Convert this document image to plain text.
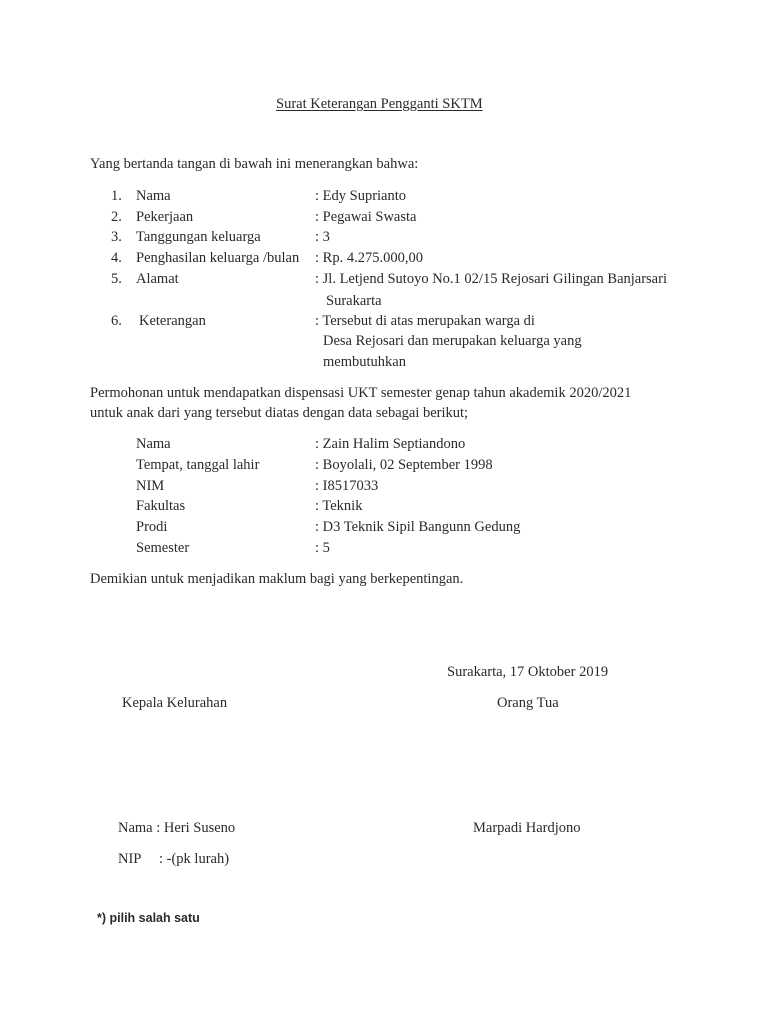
Surat Keterangan Pengganti SKTM
Yang bertanda tangan di bawah ini menerangkan bahwa:
1. Nama	: Edy Suprianto
2. Pekerjaan	: Pegawai Swasta
3. Tanggungan keluarga	: 3
4. Penghasilan keluarga /bulan : Rp. 4.275.000,00
5. Alamat	: Jl. Letjend Sutoyo No.1 02/15 Rejosari Gilingan Banjarsari
Surakarta
6. Keterangan	: Tersebut di atas merupakan warga di
Desa Rejosari dan merupakan keluarga yang
membutuhkan
Permohonan untuk mendapatkan dispensasi UKT semester genap tahun akademik 2020/2021
untuk anak dari yang tersebut diatas dengan data sebagai berikut;
Nama	: Zain Halim Septiandono
Tempat, tanggal lahir	: Boyolali, 02 September 1998
NIM	: I8517033
Fakultas	: Teknik
Prodi	: D3 Teknik Sipil Bangunn Gedung
Semester	: 5
Demikian untuk menjadikan maklum bagi yang berkepentingan.
Surakarta, 17 Oktober 2019
Kepala Kelurahan	Orang Tua
Nama : Heri Suseno	Marpadi Hardjono
NIP : -(pk lurah)
*) pilih salah satu
